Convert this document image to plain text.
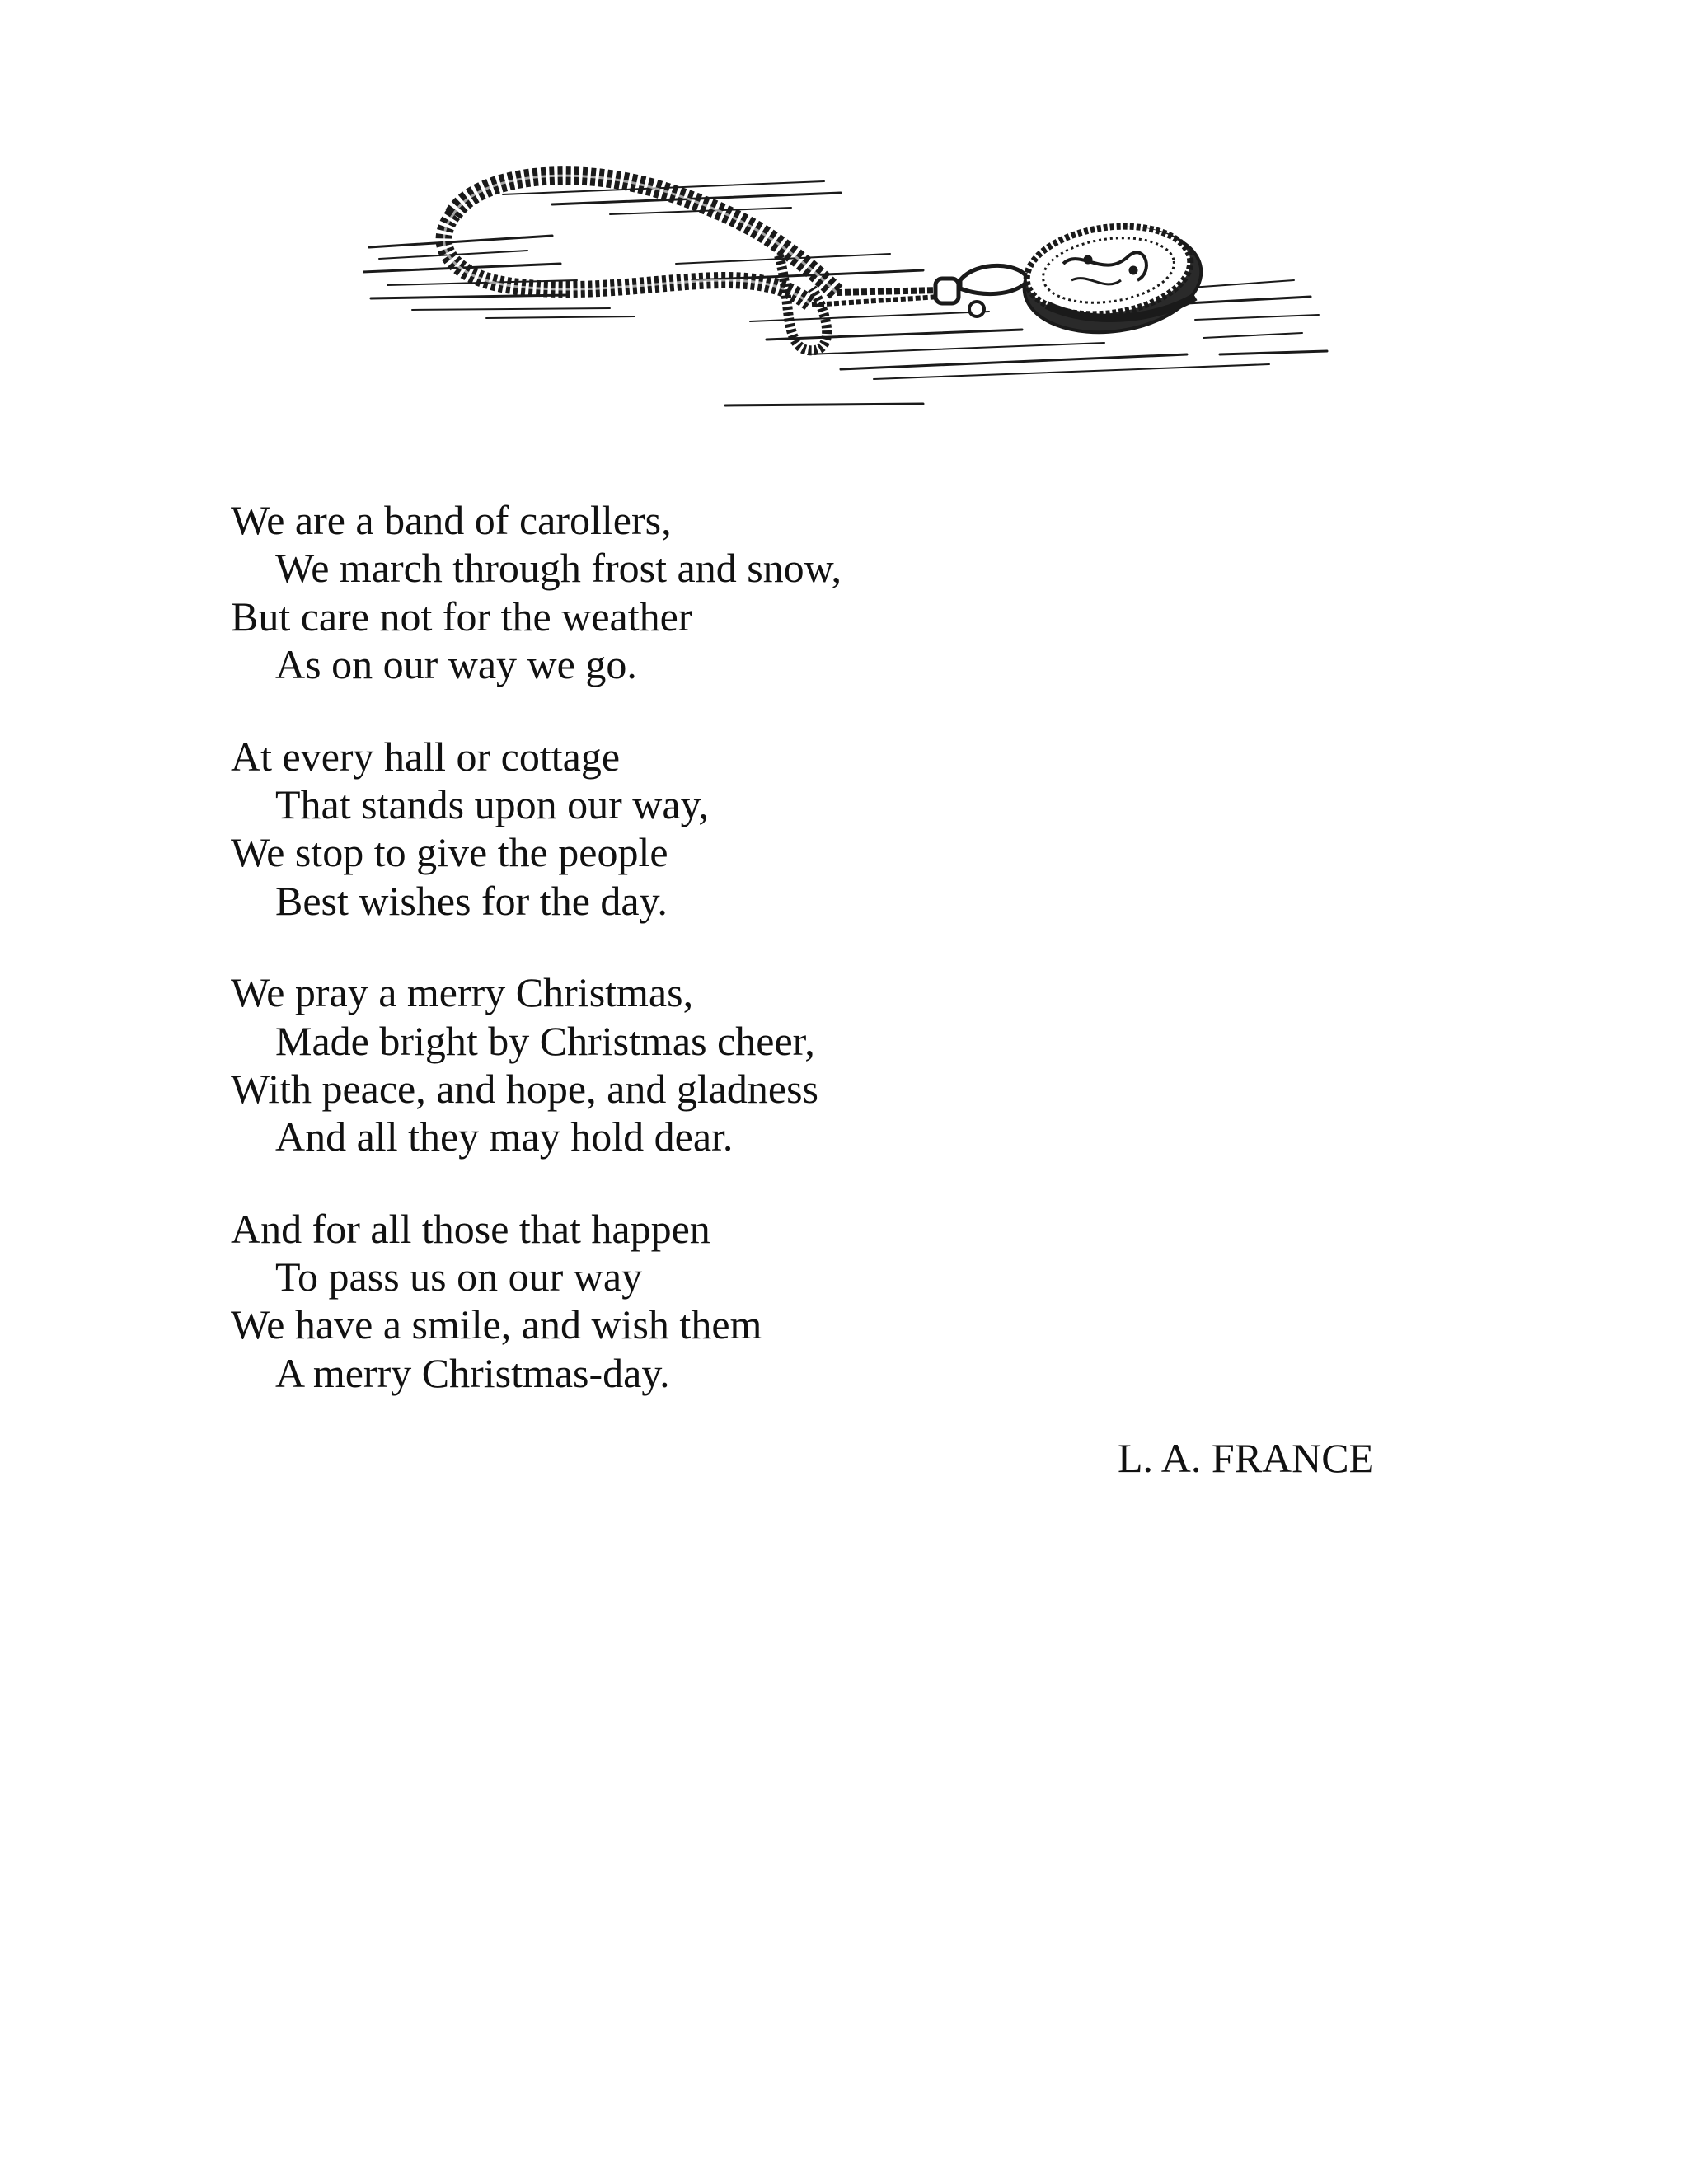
We are a band of carollers,
We march through frost and snow,
But care not for the weather
As on our way we go.
At every hall or cottage
That stands upon our way,
We stop to give the people
Best wishes for the day.
We pray a merry Christmas,
Made bright by Christmas cheer,
With peace, and hope, and gladness
And all they may hold dear.
And for all those that happen
To pass us on our way
We have a smile, and wish them
A merry Christmas-day.
L. A. FRANCE
